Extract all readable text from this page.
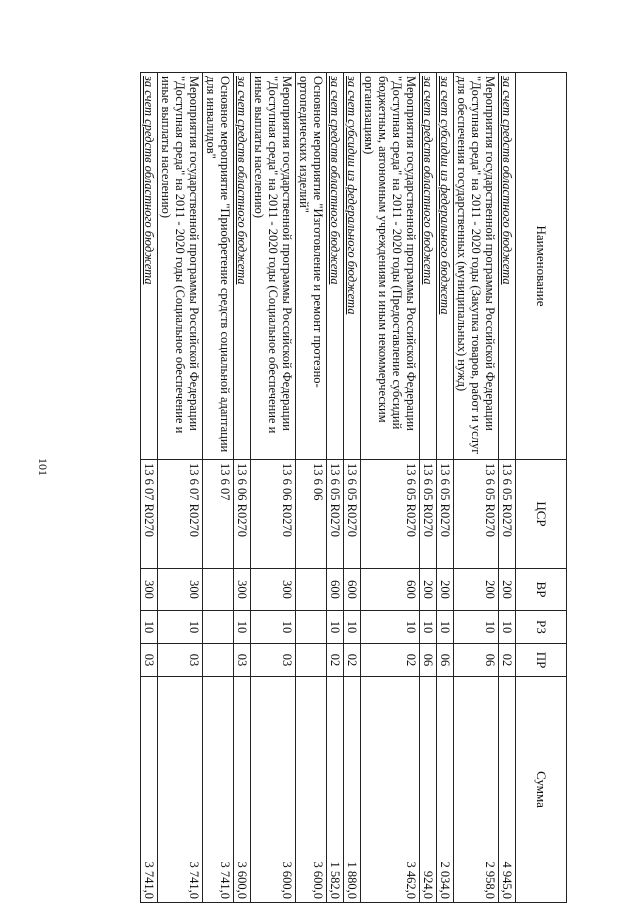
101
Наименование	ЦСР	ВР	РЗ	ПР	Сумма
за счет средств областного бюджета	13 6 05 R0270	200	10	02	4 945,0
Мероприятия государственной программы Российской Федерации "Доступная среда" на 2011 - 2020 годы (Закупка товаров, работ и услуг для обеспечения государственных (муниципальных) нужд)	13 6 05 R0270	200	10	06	2 958,0
за счет субсидии из федерального бюджета	13 6 05 R0270	200	10	06	2 034,0
за счет средств областного бюджета	13 6 05 R0270	200	10	06	924,0
Мероприятия государственной программы Российской Федерации "Доступная среда" на 2011 - 2020 годы (Предоставление субсидий бюджетным, автономным учреждениям и иным некоммерческим организациям)	13 6 05 R0270	600	10	02	3 462,0
за счет субсидии из федерального бюджета	13 6 05 R0270	600	10	02	1 880,0
за счет средств областного бюджета	13 6 05 R0270	600	10	02	1 582,0
Основное мероприятие "Изготовление и ремонт протезно-ортопедических изделий"	13 6 06				3 600,0
Мероприятия государственной программы Российской Федерации "Доступная среда" на 2011 - 2020 годы (Социальное обеспечение и иные выплаты населению)	13 6 06 R0270	300	10	03	3 600,0
за счет средств областного бюджета	13 6 06 R0270	300	10	03	3 600,0
Основное мероприятие "Приобретение средств социальной адаптации для инвалидов"	13 6 07				3 741,0
Мероприятия государственной программы Российской Федерации "Доступная среда" на 2011 - 2020 годы (Социальное обеспечение и иные выплаты населению)	13 6 07 R0270	300	10	03	3 741,0
за счет средств областного бюджета	13 6 07 R0270	300	10	03	3 741,0
